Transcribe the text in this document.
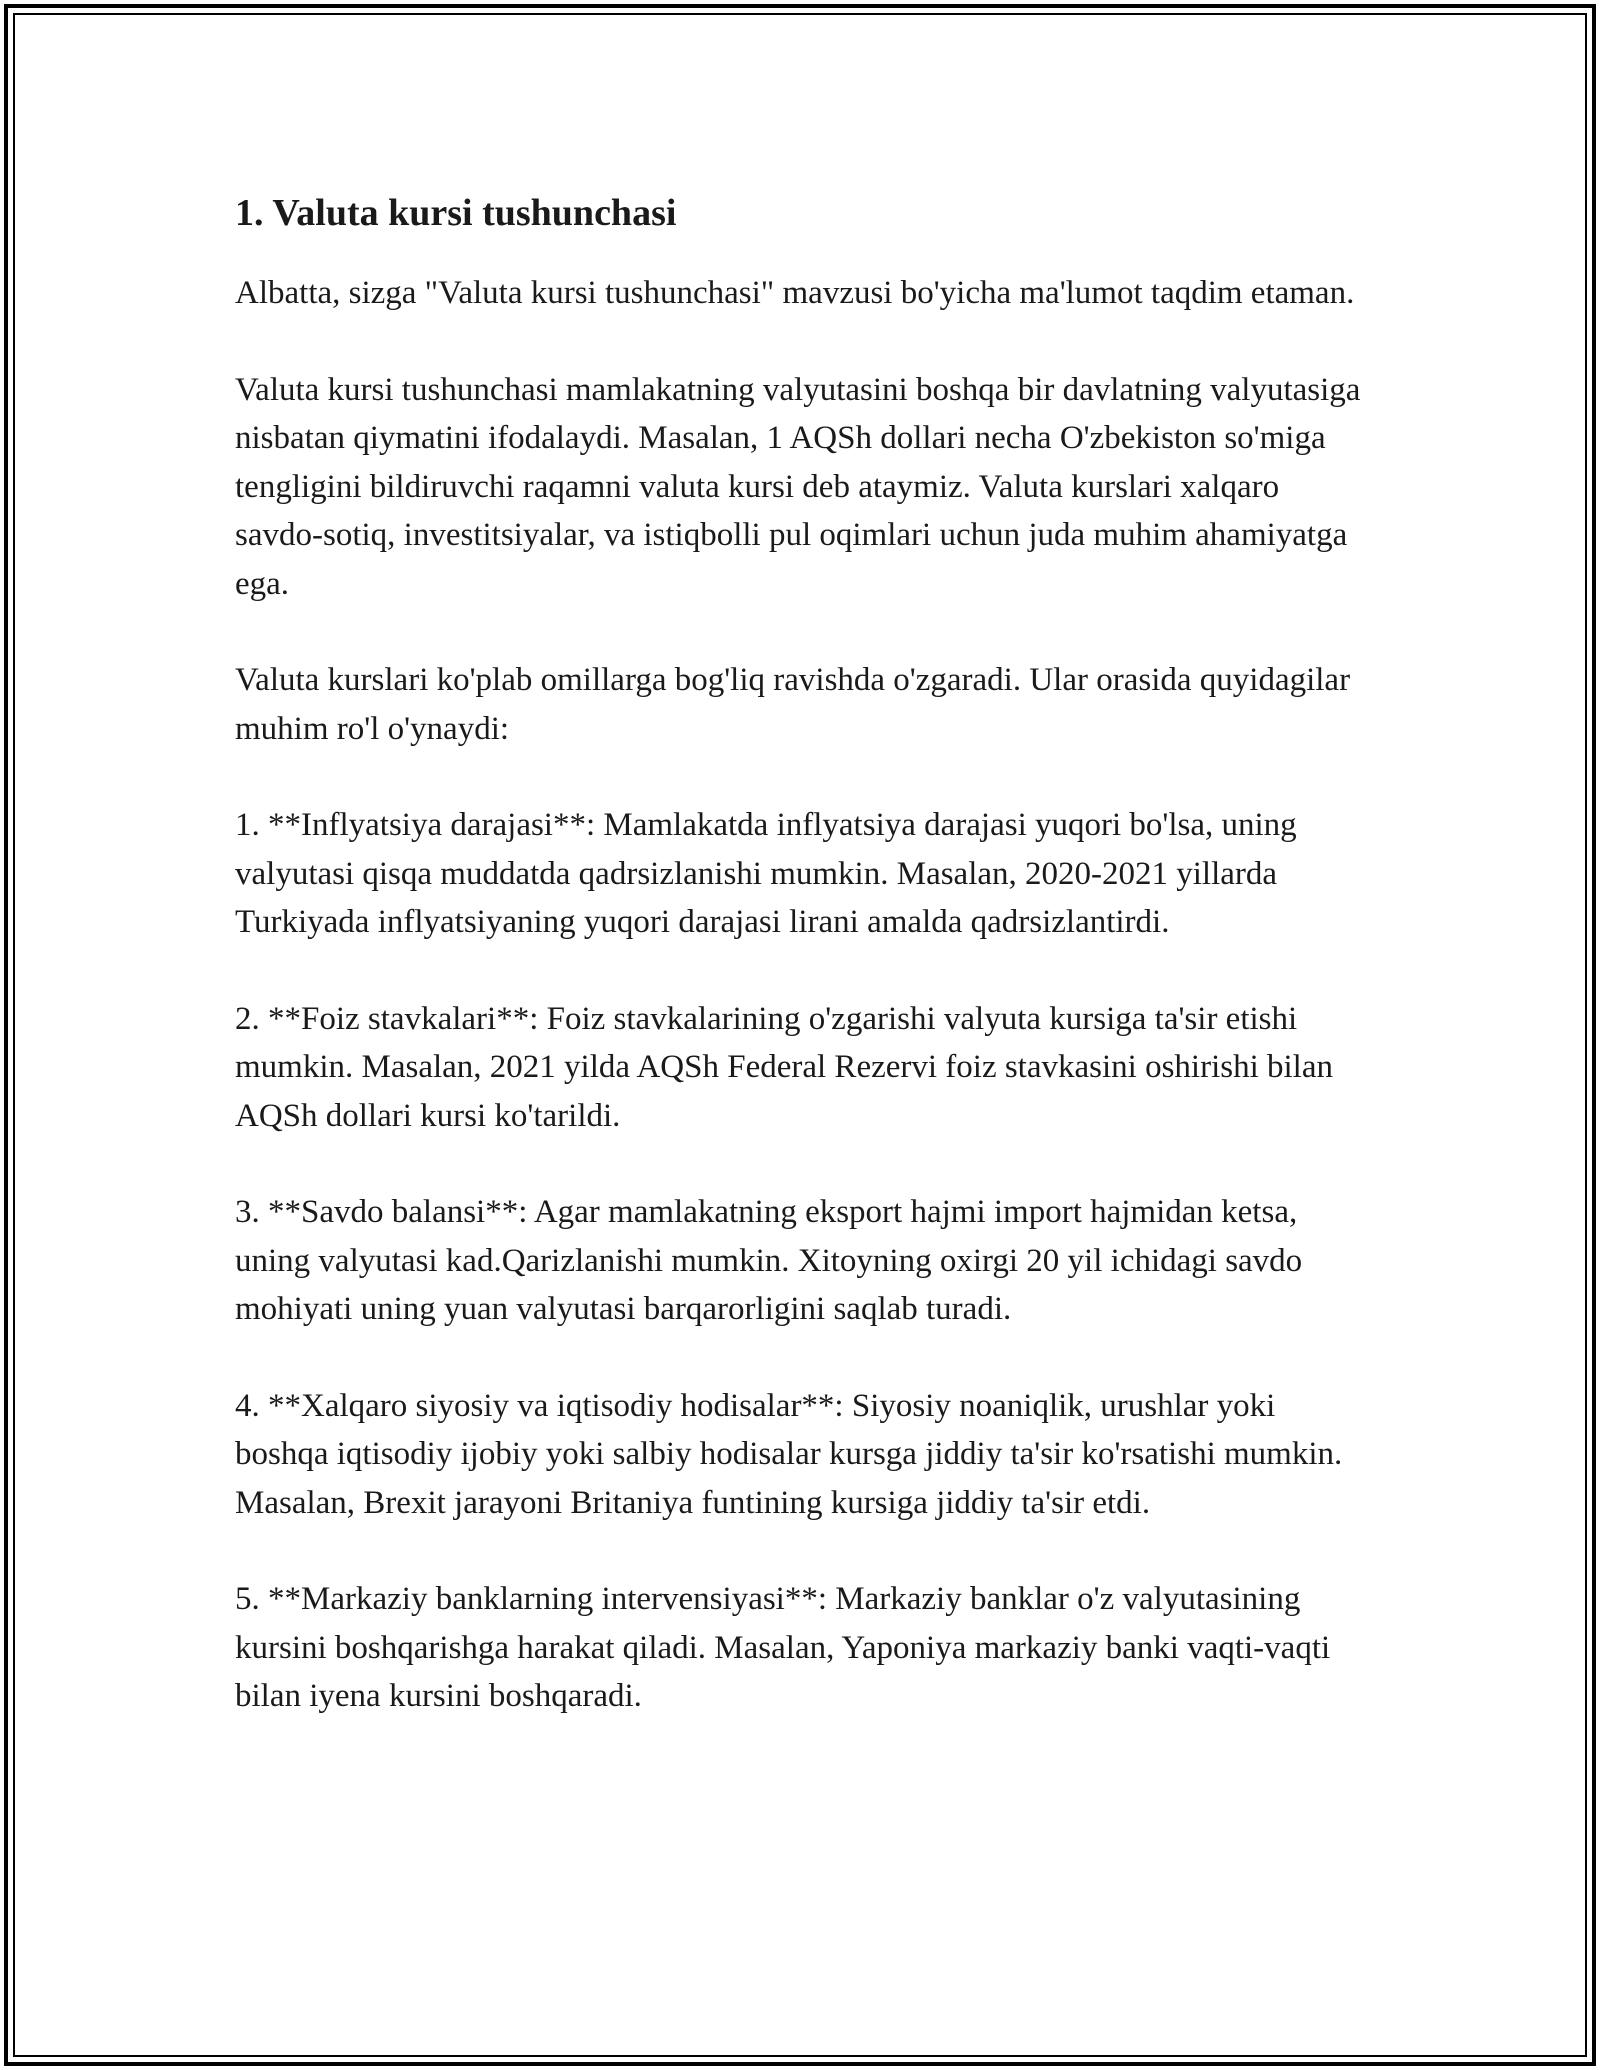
1. Valuta kursi tushunchasi

Albatta, sizga "Valuta kursi tushunchasi" mavzusi bo'yicha ma'lumot taqdim etaman.

Valuta kursi tushunchasi mamlakatning valyutasini boshqa bir davlatning valyutasiga nisbatan qiymatini ifodalaydi. Masalan, 1 AQSh dollari necha O'zbekiston so'miga tengligini bildiruvchi raqamni valuta kursi deb ataymiz. Valuta kurslari xalqaro savdo-sotiq, investitsiyalar, va istiqbolli pul oqimlari uchun juda muhim ahamiyatga ega.

Valuta kurslari ko'plab omillarga bog'liq ravishda o'zgaradi. Ular orasida quyidagilar muhim ro'l o'ynaydi:

1. **Inflyatsiya darajasi**: Mamlakatda inflyatsiya darajasi yuqori bo'lsa, uning valyutasi qisqa muddatda qadrsizlanishi mumkin. Masalan, 2020-2021 yillarda Turkiyada inflyatsiyaning yuqori darajasi lirani amalda qadrsizlantirdi.

2. **Foiz stavkalari**: Foiz stavkalarining o'zgarishi valyuta kursiga ta'sir etishi mumkin. Masalan, 2021 yilda AQSh Federal Rezervi foiz stavkasini oshirishi bilan AQSh dollari kursi ko'tarildi.

3. **Savdo balansi**: Agar mamlakatning eksport hajmi import hajmidan ketsa, uning valyutasi kad.Qarizlanishi mumkin. Xitoyning oxirgi 20 yil ichidagi savdo mohiyati uning yuan valyutasi barqarorligini saqlab turadi.

4. **Xalqaro siyosiy va iqtisodiy hodisalar**: Siyosiy noaniqlik, urushlar yoki boshqa iqtisodiy ijobiy yoki salbiy hodisalar kursga jiddiy ta'sir ko'rsatishi mumkin. Masalan, Brexit jarayoni Britaniya funtining kursiga jiddiy ta'sir etdi.

5. **Markaziy banklarning intervensiyasi**: Markaziy banklar o'z valyutasining kursini boshqarishga harakat qiladi. Masalan, Yaponiya markaziy banki vaqti-vaqti bilan iyena kursini boshqaradi.
